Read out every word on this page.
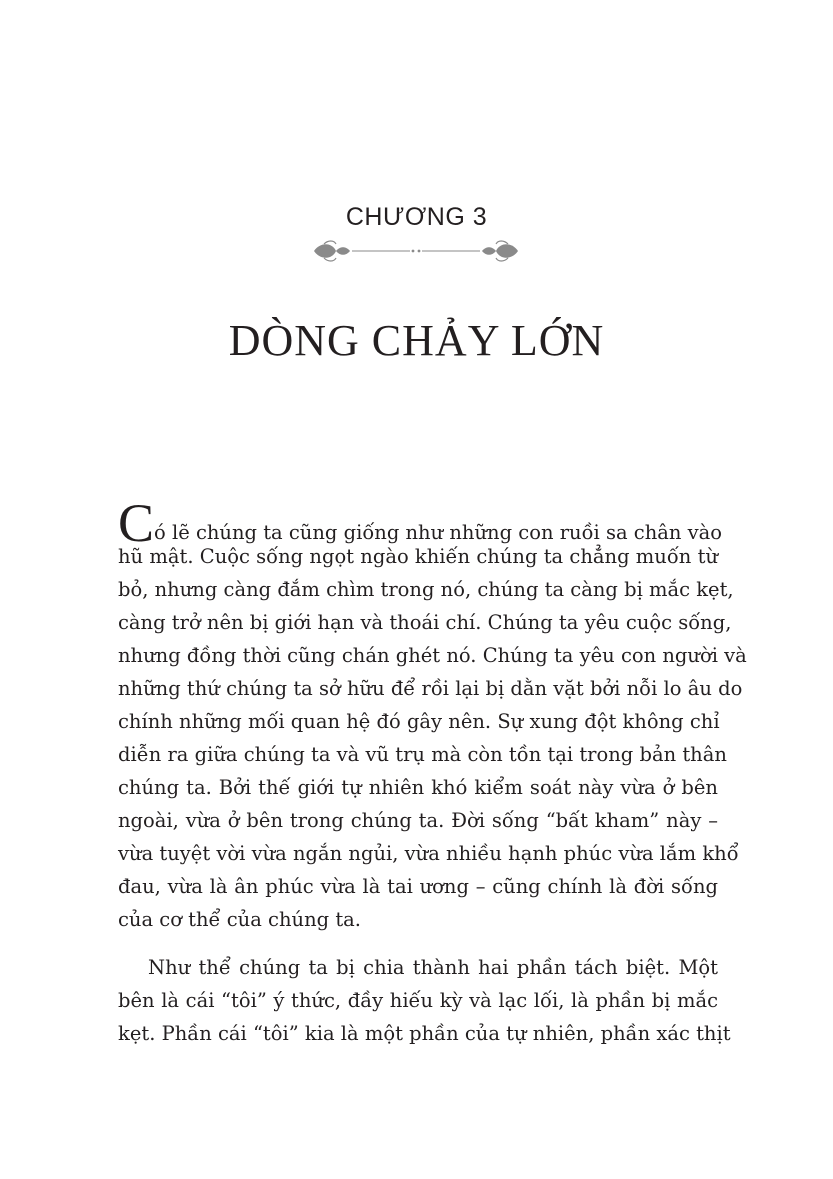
CHƯƠNG 3
DÒNG CHẢY LỚN
Có lẽ chúng ta cũng giống như những con ruồi sa chân vào
hũ mật. Cuộc sống ngọt ngào khiến chúng ta chẳng muốn từ
bỏ, nhưng càng đắm chìm trong nó, chúng ta càng bị mắc kẹt,
càng trở nên bị giới hạn và thoái chí. Chúng ta yêu cuộc sống,
nhưng đồng thời cũng chán ghét nó. Chúng ta yêu con người và
những thứ chúng ta sở hữu để rồi lại bị dằn vặt bởi nỗi lo âu do
chính những mối quan hệ đó gây nên. Sự xung đột không chỉ
diễn ra giữa chúng ta và vũ trụ mà còn tồn tại trong bản thân
chúng ta. Bởi thế giới tự nhiên khó kiểm soát này vừa ở bên
ngoài, vừa ở bên trong chúng ta. Đời sống “bất kham” này –
vừa tuyệt vời vừa ngắn ngủi, vừa nhiều hạnh phúc vừa lắm khổ
đau, vừa là ân phúc vừa là tai ương – cũng chính là đời sống
của cơ thể của chúng ta.
Như thể chúng ta bị chia thành hai phần tách biệt. Một
bên là cái “tôi” ý thức, đầy hiếu kỳ và lạc lối, là phần bị mắc
kẹt. Phần cái “tôi” kia là một phần của tự nhiên, phần xác thịt
